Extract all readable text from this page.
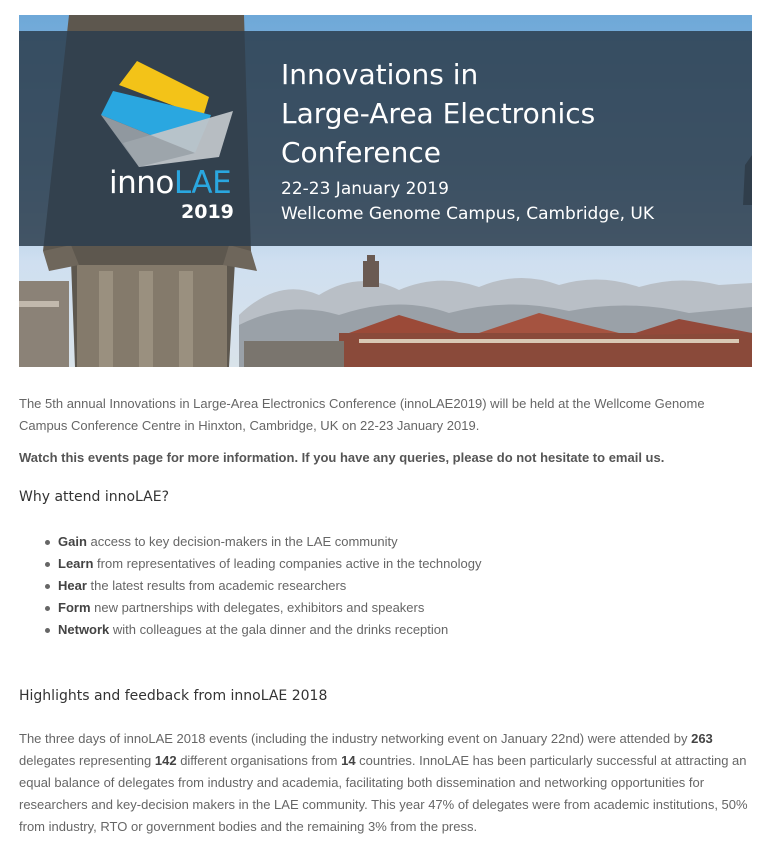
innoLAE
2019
Innovations in
Large-Area Electronics
Conference
22-23 January 2019
Wellcome Genome Campus, Cambridge, UK

The 5th annual Innovations in Large-Area Electronics Conference (innoLAE2019) will be held at the Wellcome Genome Campus Conference Centre in Hinxton, Cambridge, UK on 22-23 January 2019.

Watch this events page for more information. If you have any queries, please do not hesitate to email us.

Why attend innoLAE?
Gain access to key decision-makers in the LAE community
Learn from representatives of leading companies active in the technology
Hear the latest results from academic researchers
Form new partnerships with delegates, exhibitors and speakers
Network with colleagues at the gala dinner and the drinks reception
Highlights and feedback from innoLAE 2018

The three days of innoLAE 2018 events (including the industry networking event on January 22nd) were attended by 263 delegates representing 142 different organisations from 14 countries. InnoLAE has been particularly successful at attracting an equal balance of delegates from industry and academia, facilitating both dissemination and networking opportunities for researchers and key-decision makers in the LAE community. This year 47% of delegates were from academic institutions, 50% from industry, RTO or government bodies and the remaining 3% from the press.
